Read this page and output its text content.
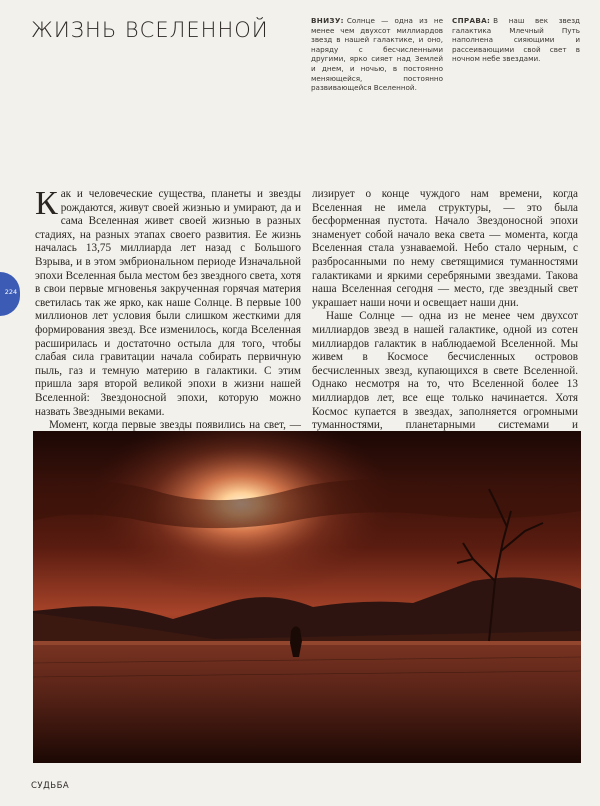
ЖИЗНЬ ВСЕЛЕННОЙ	ВНИЗУ: Солнце — одна из не менее чем двухсот миллиардов звезд в нашей галактике, и оно, наряду с бесчисленными другими, ярко сияет над Землей и днем, и ночью, в постоянно меняющейся, постоянно развивающейся Вселенной.
СПРАВА: В наш век звезд галактика Млечный Путь наполнена сияющими и рассеивающими свой свет в ночном небе звездами.
224

Как и человеческие существа, планеты и звезды рождаются, живут своей жизнью и умирают, да и сама Вселенная живет своей жизнью в разных стадиях, на разных этапах своего развития. Ее жизнь началась 13,75 миллиарда лет назад с Большого Взрыва, и в этом эмбриональном периоде Изначальной эпохи Вселенная была местом без звездного света, хотя в свои первые мгновенья закрученная горячая материя светилась так же ярко, как наше Солнце. В первые 100 миллионов лет условия были слишком жесткими для формирования звезд. Все изменилось, когда Вселенная расширилась и достаточно остыла для того, чтобы слабая сила гравитации начала собирать первичную пыль, газ и темную материю в галактики. С этим пришла заря второй великой эпохи в жизни нашей Вселенной: Звездоносной эпохи, которую можно назвать Звездными веками.

Момент, когда первые звезды появились на свет, —

лизирует о конце чуждого нам времени, когда Вселенная не имела структуры, — это была бесформенная пустота. Начало Звездоносной эпохи знаменует собой начало века света — момента, когда Вселенная стала узнаваемой. Небо стало черным, с разбросанными по нему светящимися туманностями галактиками и яркими серебряными звездами. Такова наша Вселенная сегодня — место, где звездный свет украшает наши ночи и освещает наши дни.

Наше Солнце — одна из не менее чем двухсот миллиардов звезд в нашей галактике, одной из сотен миллиардов галактик в наблюдаемой Вселенной. Мы живем в Космосе бесчисленных островов бесчисленных звезд, купающихся в свете Вселенной. Однако несмотря на то, что Вселенной более 13 миллиардов лет, все еще только начинается. Хотя Космос купается в звездах, заполняется огромными туманностями, планетарными системами и

СУДЬБА
